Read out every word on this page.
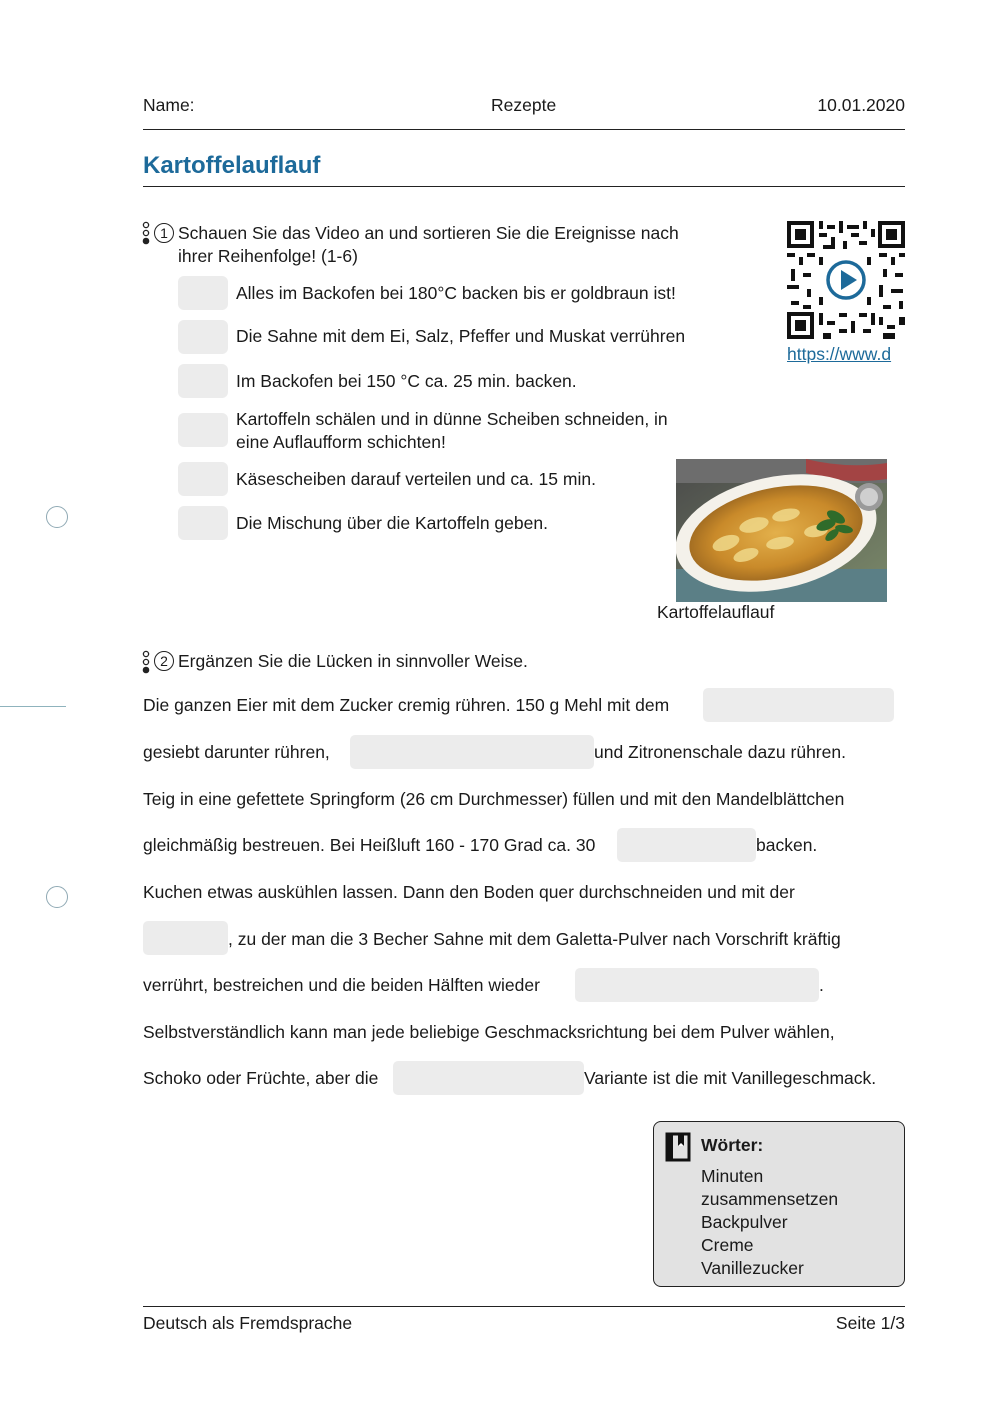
Name:	Rezepte	10.01.2020
Kartoffelauflauf
1 Schauen Sie das Video an und sortieren Sie die Ereignisse nach
ihrer Reihenfolge! (1-6)
Alles im Backofen bei 180°C backen bis er goldbraun ist!
Die Sahne mit dem Ei, Salz, Pfeffer und Muskat verrühren
Im Backofen bei 150 °C ca. 25 min. backen.
Kartoffeln schälen und in dünne Scheiben schneiden, in
eine Auflaufform schichten!
Käsescheiben darauf verteilen und ca. 15 min.
Die Mischung über die Kartoffeln geben.
https://www.d
Kartoffelauflauf
2 Ergänzen Sie die Lücken in sinnvoller Weise.
Die ganzen Eier mit dem Zucker cremig rühren. 150 g Mehl mit dem
gesiebt darunter rühren,	und Zitronenschale dazu rühren.
Teig in eine gefettete Springform (26 cm Durchmesser) füllen und mit den Mandelblättchen
gleichmäßig bestreuen. Bei Heißluft 160 - 170 Grad ca. 30	backen.
Kuchen etwas auskühlen lassen. Dann den Boden quer durchschneiden und mit der
, zu der man die 3 Becher Sahne mit dem Galetta-Pulver nach Vorschrift kräftig
verrührt, bestreichen und die beiden Hälften wieder	.
Selbstverständlich kann man jede beliebige Geschmacksrichtung bei dem Pulver wählen,
Schoko oder Früchte, aber die	Variante ist die mit Vanillegeschmack.
Wörter:
Minuten
zusammensetzen
Backpulver
Creme
Vanillezucker
Deutsch als Fremdsprache	Seite 1/3
